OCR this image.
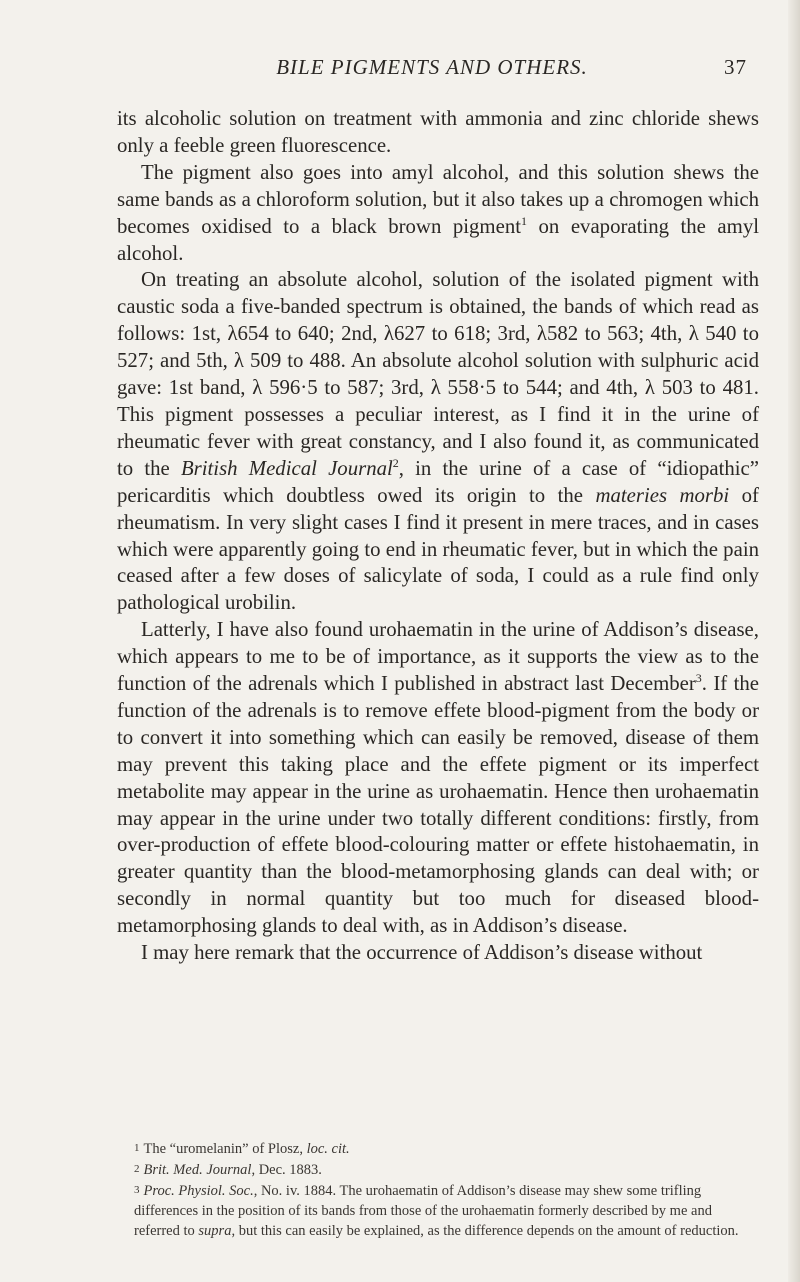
BILE PIGMENTS AND OTHERS.	37

its alcoholic solution on treatment with ammonia and zinc chloride shews only a feeble green fluorescence.

The pigment also goes into amyl alcohol, and this solution shews the same bands as a chloroform solution, but it also takes up a chromogen which becomes oxidised to a black brown pigment$^1$ on evaporating the amyl alcohol.

On treating an absolute alcohol, solution of the isolated pigment with caustic soda a five-banded spectrum is obtained, the bands of which read as follows: 1st, λ654 to 640; 2nd, λ627 to 618; 3rd, λ582 to 563; 4th, λ 540 to 527; and 5th, λ 509 to 488. An absolute alcohol solution with sulphuric acid gave: 1st band, λ 596·5 to 587; 3rd, λ 558·5 to 544; and 4th, λ 503 to 481. This pigment possesses a peculiar interest, as I find it in the urine of rheumatic fever with great constancy, and I also found it, as communicated to the British Medical Journal$^2$, in the urine of a case of “idiopathic” pericarditis which doubtless owed its origin to the materies morbi of rheumatism. In very slight cases I find it present in mere traces, and in cases which were apparently going to end in rheumatic fever, but in which the pain ceased after a few doses of salicylate of soda, I could as a rule find only pathological urobilin.

Latterly, I have also found urohaematin in the urine of Addison’s disease, which appears to me to be of importance, as it supports the view as to the function of the adrenals which I published in abstract last December$^3$. If the function of the adrenals is to remove effete blood-pigment from the body or to convert it into something which can easily be removed, disease of them may prevent this taking place and the effete pigment or its imperfect metabolite may appear in the urine as urohaematin. Hence then urohaematin may appear in the urine under two totally different conditions: firstly, from over-production of effete blood-colouring matter or effete histohaematin, in greater quantity than the blood-metamorphosing glands can deal with; or secondly in normal quantity but too much for diseased blood-metamorphosing glands to deal with, as in Addison’s disease.

I may here remark that the occurrence of Addison’s disease without

1 The “uromelanin” of Plosz, loc. cit.

2 Brit. Med. Journal, Dec. 1883.

3 Proc. Physiol. Soc., No. iv. 1884. The urohaematin of Addison’s disease may shew some trifling differences in the position of its bands from those of the urohaematin formerly described by me and referred to supra, but this can easily be explained, as the difference depends on the amount of reduction.
